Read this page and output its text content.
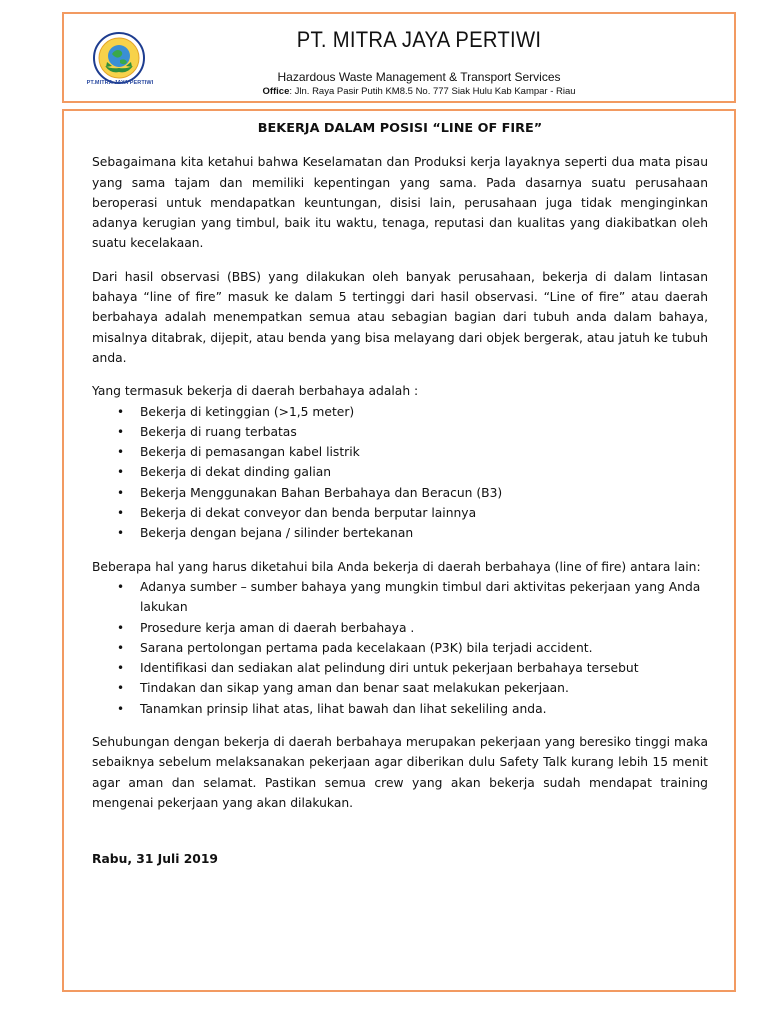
PT.MITRA JAYA PERTIWI
PT. MITRA JAYA PERTIWI
Hazardous Waste Management & Transport Services
Office: Jln. Raya Pasir Putih KM8.5 No. 777 Siak Hulu Kab Kampar - Riau
BEKERJA DALAM POSISI “LINE OF FIRE”

Sebagaimana kita ketahui bahwa Keselamatan dan Produksi kerja layaknya seperti dua mata pisau yang sama tajam dan memiliki kepentingan yang sama. Pada dasarnya suatu perusahaan beroperasi untuk mendapatkan keuntungan, disisi lain, perusahaan juga tidak menginginkan adanya kerugian yang timbul, baik itu waktu, tenaga, reputasi dan kualitas yang diakibatkan oleh suatu kecelakaan.

Dari hasil observasi (BBS) yang dilakukan oleh banyak perusahaan, bekerja di dalam lintasan bahaya “line of fire” masuk ke dalam 5 tertinggi dari hasil observasi. “Line of fire” atau daerah berbahaya adalah menempatkan semua atau sebagian bagian dari tubuh anda dalam bahaya, misalnya ditabrak, dijepit, atau benda yang bisa melayang dari objek bergerak, atau jatuh ke tubuh anda.

Yang termasuk bekerja di daerah berbahaya adalah :

• Bekerja di ketinggian (>1,5 meter)
• Bekerja di ruang terbatas
• Bekerja di pemasangan kabel listrik
• Bekerja di dekat dinding galian
• Bekerja Menggunakan Bahan Berbahaya dan Beracun (B3)
• Bekerja di dekat conveyor dan benda berputar lainnya
• Bekerja dengan bejana / silinder bertekanan

Beberapa hal yang harus diketahui bila Anda bekerja di daerah berbahaya (line of fire) antara lain:

• Adanya sumber – sumber bahaya yang mungkin timbul dari aktivitas pekerjaan yang Anda lakukan
• Prosedure kerja aman di daerah berbahaya .
• Sarana pertolongan pertama pada kecelakaan (P3K) bila terjadi accident.
• Identifikasi dan sediakan alat pelindung diri untuk pekerjaan berbahaya tersebut
• Tindakan dan sikap yang aman dan benar saat melakukan pekerjaan.
• Tanamkan prinsip lihat atas, lihat bawah dan lihat sekeliling anda.

Sehubungan dengan bekerja di daerah berbahaya merupakan pekerjaan yang beresiko tinggi maka sebaiknya sebelum melaksanakan pekerjaan agar diberikan dulu Safety Talk kurang lebih 15 menit agar aman dan selamat. Pastikan semua crew yang akan bekerja sudah mendapat training mengenai pekerjaan yang akan dilakukan.

Rabu, 31 Juli 2019
